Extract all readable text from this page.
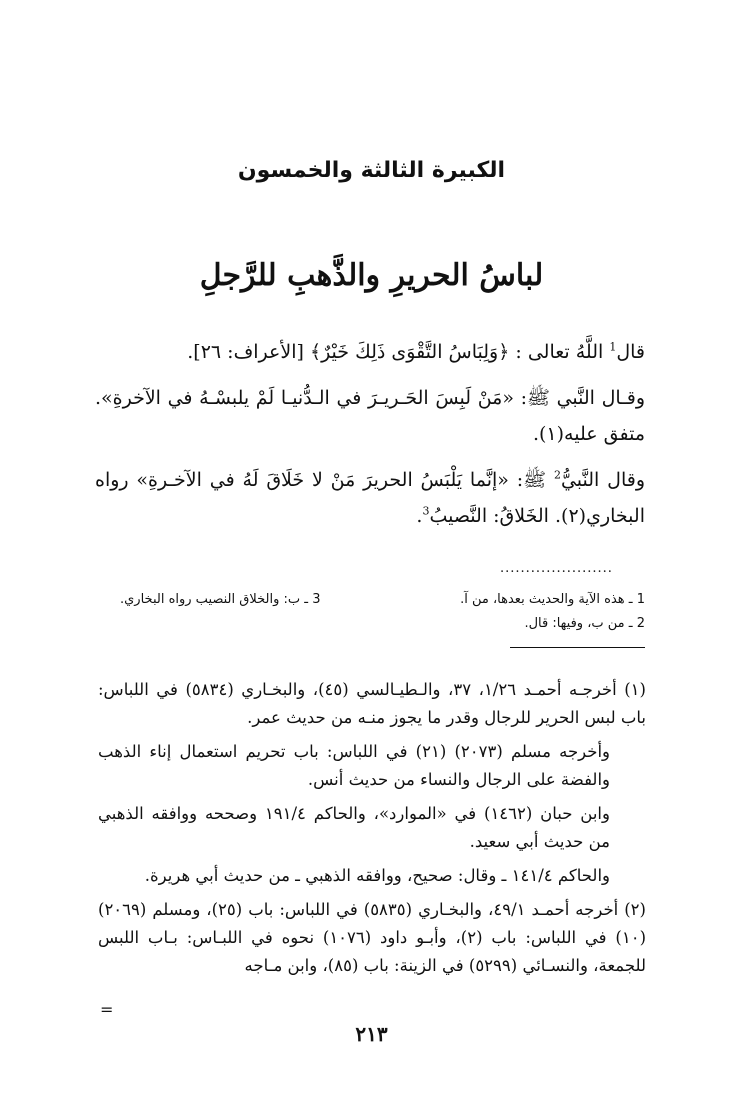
الكبيرة الثالثة والخمسون
لباسُ الحريرِ والذَّهبِ للرَّجلِ

قال$^1$ اللَّهُ تعالى : ﴿وَلِبَاسُ التَّقْوَى ذَلِكَ خَيْرٌ﴾ [الأعراف: ٢٦].

وقـال النَّبي ﷺ: «مَنْ لَبِسَ الحَـريـرَ في الـدُّنيـا لَمْ يلبسْـهُ في الآخرةِ». متفق عليه(١).

وقال النَّبيُّ$^2$ ﷺ: «إنَّما يَلْبَسُ الحريرَ مَنْ لا خَلَاقَ لَهُ في الآخـرةِ» رواه البخاري(٢). الخَلاقُ: النَّصيبُ$^3$.

......................
1 ـ هذه الآية والحديث بعدها، من آ.
3 ـ ب: والخلاق النصيب رواه البخاري.
2 ـ من ب، وفيها: قال.

(١) أخرجـه أحمـد ١/٢٦، ٣٧، والـطيـالسي (٤٥)، والبخـاري (٥٨٣٤) في اللباس: باب لبس الحرير للرجال وقدر ما يجوز منـه من حديث عمر.

وأخرجه مسلم (٢٠٧٣) (٢١) في اللباس: باب تحريم استعمال إناء الذهب والفضة على الرجال والنساء من حديث أنس.

وابن حبان (١٤٦٢) في «الموارد»، والحاكم ١٩١/٤ وصححه ووافقه الذهبي من حديث أبي سعيد.

والحاكم ١٤١/٤ ـ وقال: صحيح، ووافقه الذهبي ـ من حديث أبي هريرة.

(٢) أخرجه أحمـد ٤٩/١، والبخـاري (٥٨٣٥) في اللباس: باب (٢٥)، ومسلم (٢٠٦٩) (١٠) في اللباس: باب (٢)، وأبـو داود (١٠٧٦) نحوه في اللبـاس: بـاب اللبس للجمعة، والنسـائي (٥٢٩٩) في الزينة: باب (٨٥)، وابن مـاجه

=
٢١٣
